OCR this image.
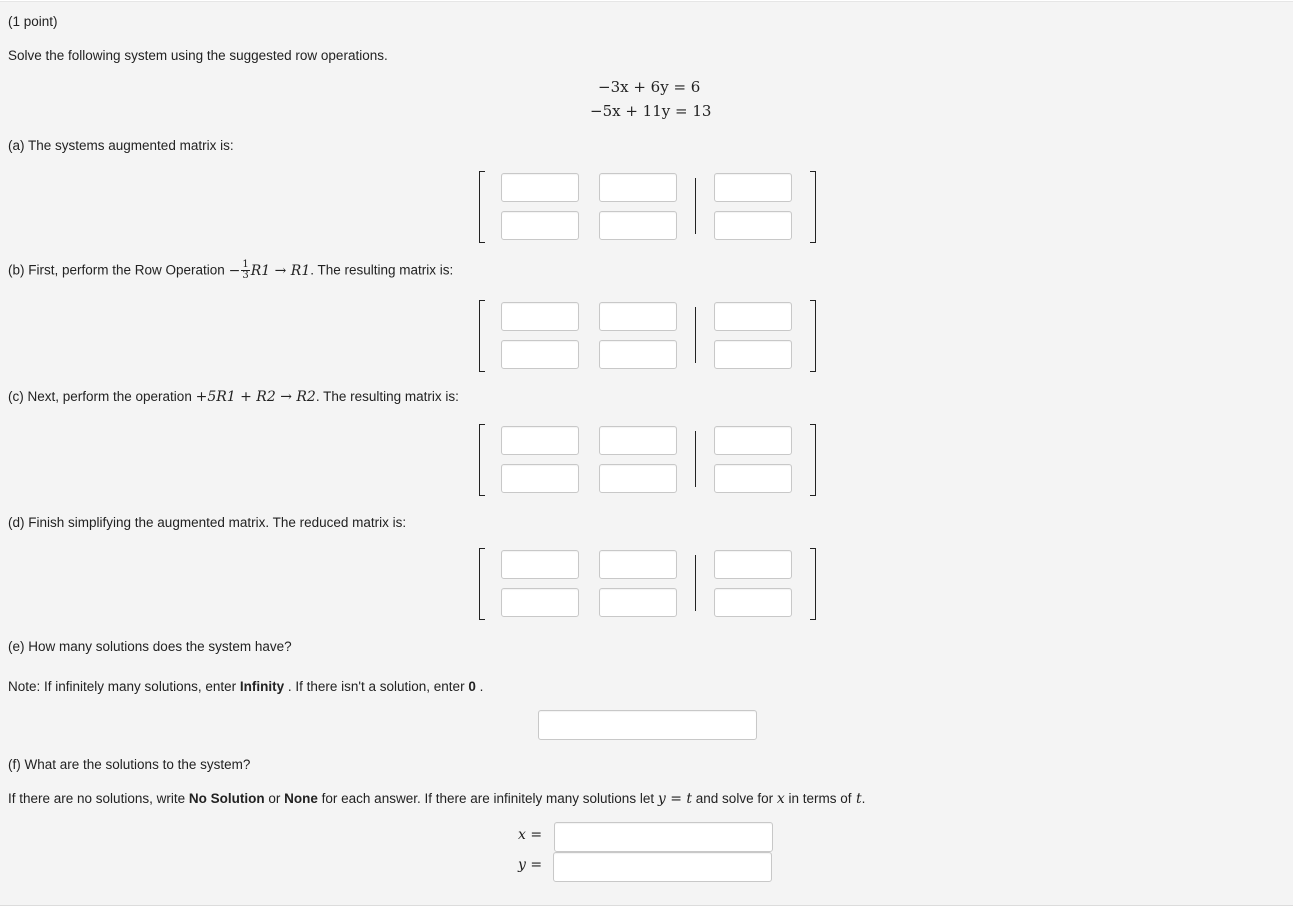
(1 point)
Solve the following system using the suggested row operations.
−3x + 6y = 6
−5x + 11y = 13
(a) The systems augmented matrix is:
(b) First, perform the Row Operation − $\frac{1}{3} R1 \to R1$. The resulting matrix is:
(c) Next, perform the operation +5R1 + R2 → R2. The resulting matrix is:
(d) Finish simplifying the augmented matrix. The reduced matrix is:
(e) How many solutions does the system have?
Note: If infinitely many solutions, enter Infinity . If there isn't a solution, enter 0 .
(f) What are the solutions to the system?
If there are no solutions, write No Solution or None for each answer. If there are infinitely many solutions let y = t and solve for x in terms of t.
x =
y =
